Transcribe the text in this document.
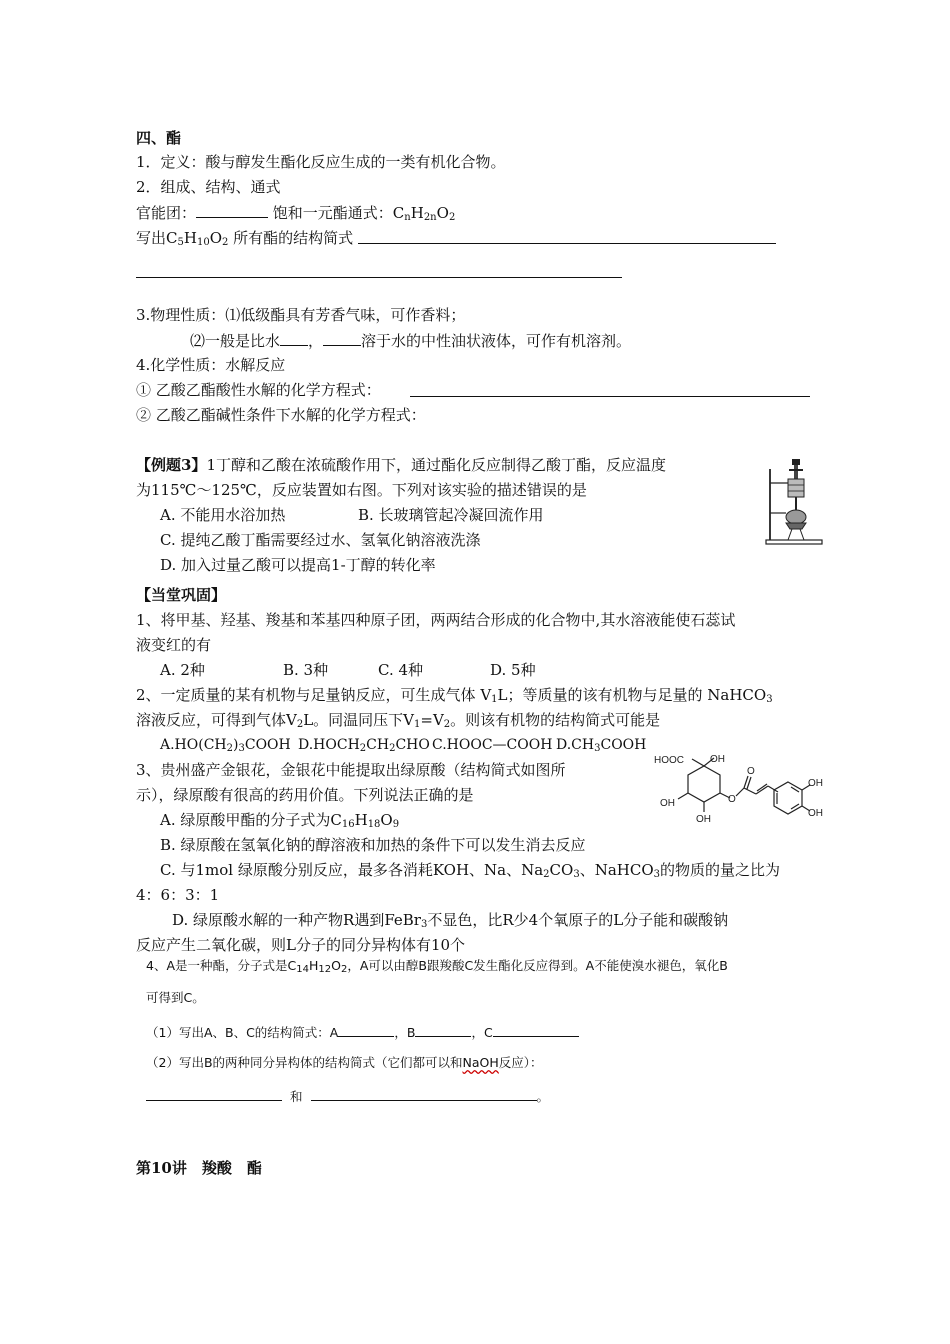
四、酯
1．定义：酸与醇发生酯化反应生成的一类有机化合物。
2．组成、结构、通式
官能团：	饱和一元酯通式：$C_nH_{2n}O_2$
写出$C_5H_{10}O_2$ 所有酯的结构简式
3.物理性质：⑴低级酯具有芳香气味，可作香料；
⑵一般是比水 ，	溶于水的中性油状液体，可作有机溶剂。
4.化学性质：水解反应
① 乙酸乙酯酸性水解的化学方程式：
② 乙酸乙酯碱性条件下水解的化学方程式：
【例题3】1丁醇和乙酸在浓硫酸作用下，通过酯化反应制得乙酸丁酯，反应温度
为115℃～125℃，反应装置如右图。下列对该实验的描述错误的是
A. 不能用水浴加热	B. 长玻璃管起冷凝回流作用
C. 提纯乙酸丁酯需要经过水、氢氧化钠溶液洗涤
D. 加入过量乙酸可以提高1-丁醇的转化率
【当堂巩固】
1、将甲基、羟基、羧基和苯基四种原子团，两两结合形成的化合物中,其水溶液能使石蕊试
液变红的有
A. 2种	B. 3种	C. 4种	D. 5种
2、一定质量的某有机物与足量钠反应，可生成气体 $V_1L$；等质量的该有机物与足量的 NaHCO$_3$
溶液反应，可得到气体$V_2L$。同温同压下$V_1=V_2$。则该有机物的结构简式可能是
$A.HO(CH_2)_3COOH$ $D.HOCH_2CH_2CHO$ C.HOOC—COOH $D.CH_3COOH$
3、贵州盛产金银花，金银花中能提取出绿原酸（结构简式如图所
示），绿原酸有很高的药用价值。下列说法正确的是
A. 绿原酸甲酯的分子式为$C_{16}H_{18}O_9$
B. 绿原酸在氢氧化钠的醇溶液和加热的条件下可以发生消去反应
C. 与1mol 绿原酸分别反应，最多各消耗KOH、Na、$Na_2CO_3$、NaHCO$_3$的物质的量之比为
4：6：3：1
D. 绿原酸水解的一种产物R遇到FeBr$_3$不显色，比R少4个氧原子的L分子能和碳酸钠
反应产生二氧化碳，则L分子的同分异构体有10个
HOOC	OH
OH
OH
O
O
OH
OH
4、A是一种酯，分子式是$C_{14}H_{12}O_2$，A可以由醇B跟羧酸C发生酯化反应得到。A不能使溴水褪色，氧化B
可得到C。
（1）写出A、B、C的结构简式：A	，B	，C
（2）写出B的两种同分异构体的结构简式（它们都可以和NaOH反应）：
和	。
第10讲　羧酸　酯
